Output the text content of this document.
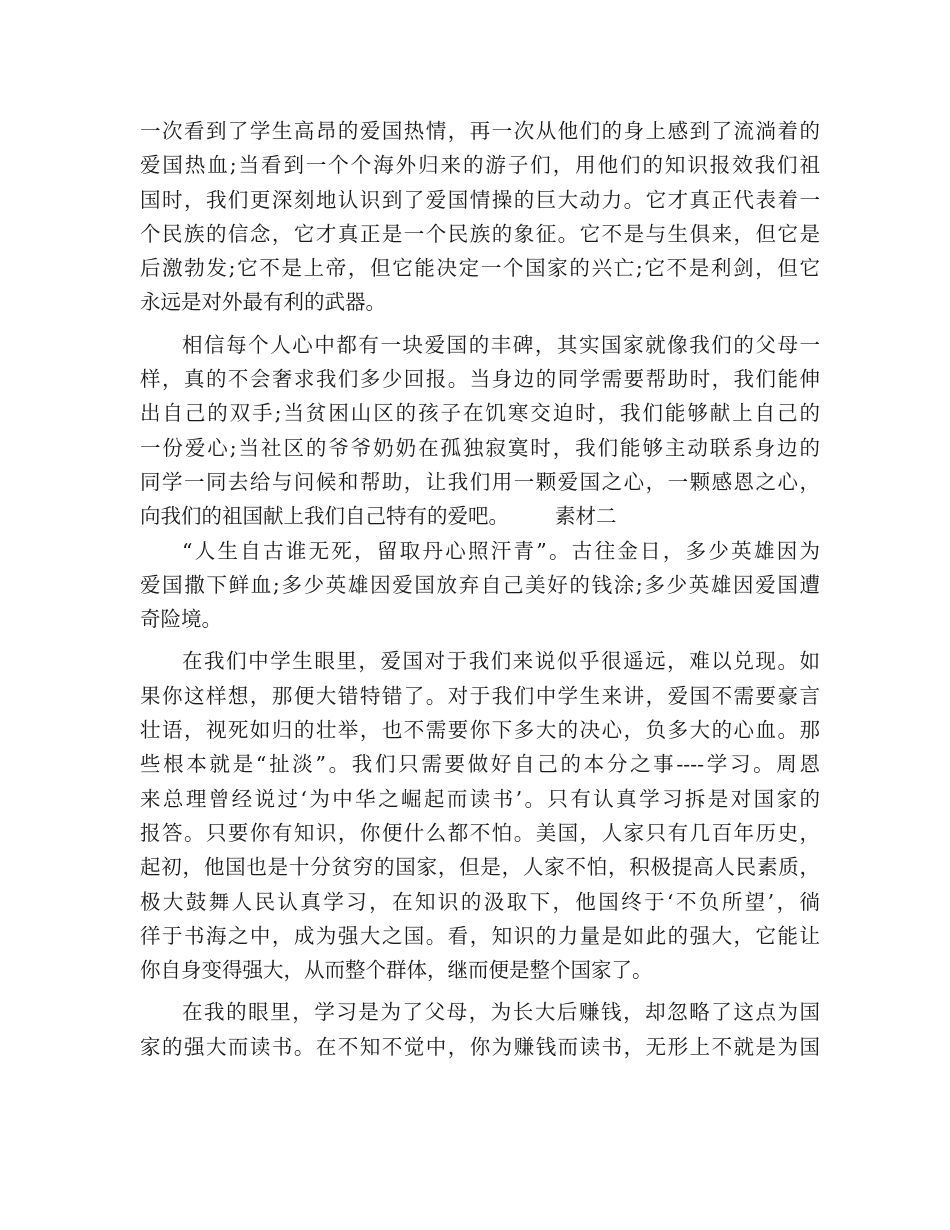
一次看到了学生高昂的爱国热情，再一次从他们的身上感到了流淌着的
爱国热血;当看到一个个海外归来的游子们，用他们的知识报效我们祖
国时，我们更深刻地认识到了爱国情操的巨大动力。它才真正代表着一
个民族的信念，它才真正是一个民族的象征。它不是与生俱来，但它是
后激勃发;它不是上帝，但它能决定一个国家的兴亡;它不是利剑，但它
永远是对外最有利的武器。
相信每个人心中都有一块爱国的丰碑，其实国家就像我们的父母一
样，真的不会奢求我们多少回报。当身边的同学需要帮助时，我们能伸
出自己的双手;当贫困山区的孩子在饥寒交迫时，我们能够献上自己的
一份爱心;当社区的爷爷奶奶在孤独寂寞时，我们能够主动联系身边的
同学一同去给与问候和帮助，让我们用一颗爱国之心，一颗感恩之心，
向我们的祖国献上我们自己特有的爱吧。 素材二
“人生自古谁无死，留取丹心照汗青”。古往金日，多少英雄因为
爱国撒下鲜血;多少英雄因爱国放弃自己美好的钱涂;多少英雄因爱国遭
奇险境。
在我们中学生眼里，爱国对于我们来说似乎很遥远，难以兑现。如
果你这样想，那便大错特错了。对于我们中学生来讲，爱国不需要豪言
壮语，视死如归的壮举，也不需要你下多大的决心，负多大的心血。那
些根本就是“扯淡”。我们只需要做好自己的本分之事----学习。周恩
来总理曾经说过‘为中华之崛起而读书’。只有认真学习拆是对国家的
报答。只要你有知识，你便什么都不怕。美国，人家只有几百年历史，
起初，他国也是十分贫穷的国家，但是，人家不怕，积极提高人民素质，
极大鼓舞人民认真学习，在知识的汲取下，他国终于‘不负所望’，徜
徉于书海之中，成为强大之国。看，知识的力量是如此的强大，它能让
你自身变得强大，从而整个群体，继而便是整个国家了。
在我的眼里，学习是为了父母，为长大后赚钱，却忽略了这点为国
家的强大而读书。在不知不觉中，你为赚钱而读书，无形上不就是为国
